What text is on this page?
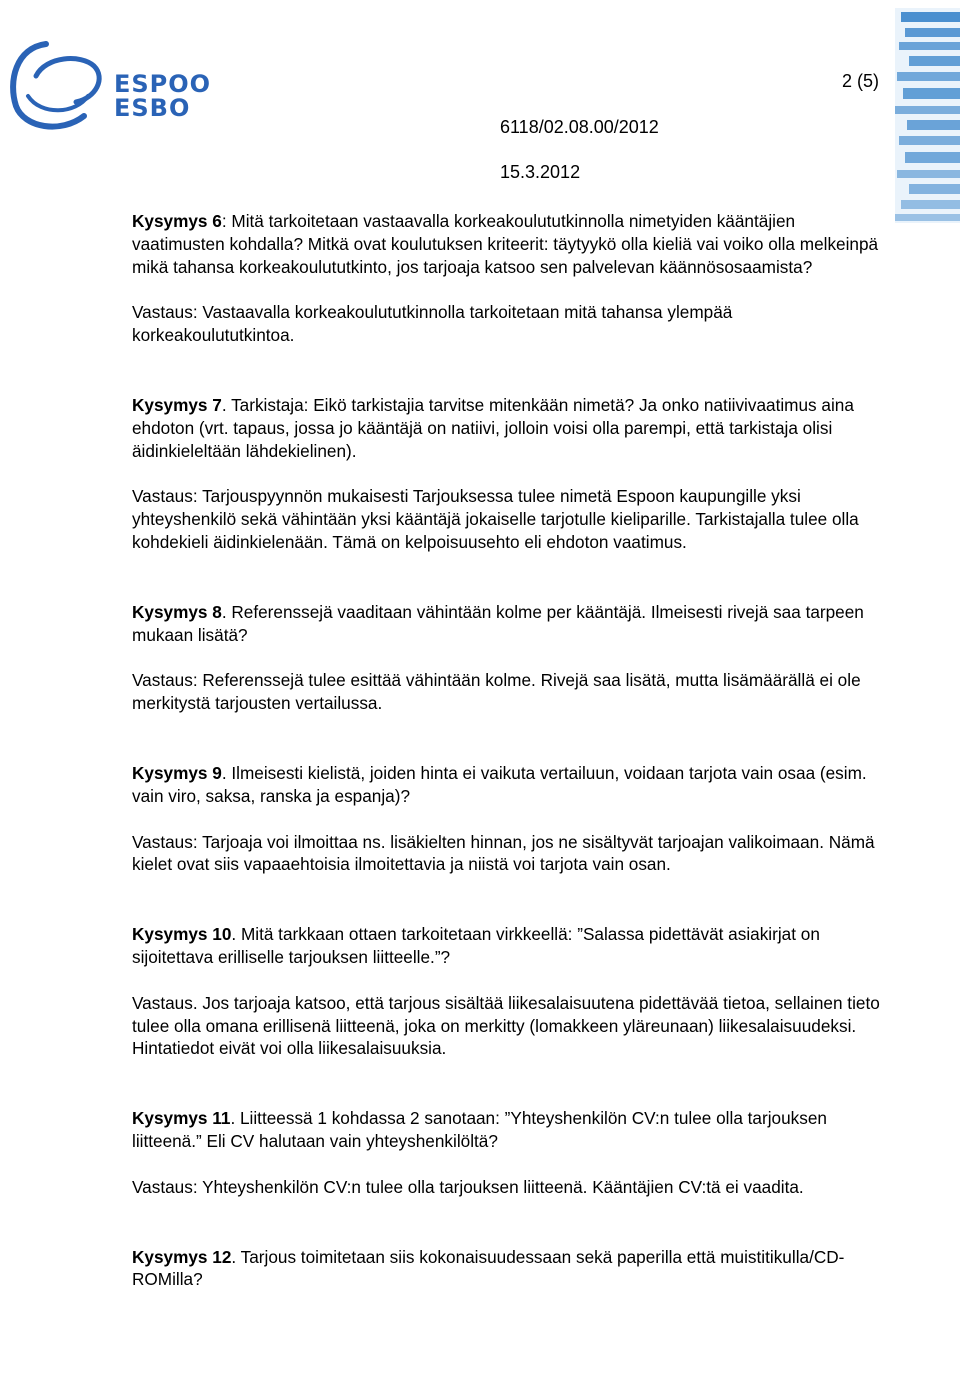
ESPOO
ESBO
2 (5)
6118/02.08.00/2012
15.3.2012

Kysymys 6: Mitä tarkoitetaan vastaavalla korkeakoulututkinnolla nimetyiden kääntäjien vaatimusten kohdalla? Mitkä ovat koulutuksen kriteerit: täytyykö olla kieliä vai voiko olla melkeinpä mikä tahansa korkeakoulututkinto, jos tarjoaja katsoo sen palvelevan käännösosaamista?

Vastaus: Vastaavalla korkeakoulututkinnolla tarkoitetaan mitä tahansa ylempää korkeakoulututkintoa.

Kysymys 7. Tarkistaja: Eikö tarkistajia tarvitse mitenkään nimetä? Ja onko natiivivaatimus aina ehdoton (vrt. tapaus, jossa jo kääntäjä on natiivi, jolloin voisi olla parempi, että tarkistaja olisi äidinkieleltään lähdekielinen).

Vastaus: Tarjouspyynnön mukaisesti Tarjouksessa tulee nimetä Espoon kaupungille yksi yhteyshenkilö sekä vähintään yksi kääntäjä jokaiselle tarjotulle kieliparille. Tarkistajalla tulee olla kohdekieli äidinkielenään. Tämä on kelpoisuusehto eli ehdoton vaatimus.

Kysymys 8. Referenssejä vaaditaan vähintään kolme per kääntäjä. Ilmeisesti rivejä saa tarpeen mukaan lisätä?

Vastaus: Referenssejä tulee esittää vähintään kolme. Rivejä saa lisätä, mutta lisämäärällä ei ole merkitystä tarjousten vertailussa.

Kysymys 9. Ilmeisesti kielistä, joiden hinta ei vaikuta vertailuun, voidaan tarjota vain osaa (esim. vain viro, saksa, ranska ja espanja)?

Vastaus: Tarjoaja voi ilmoittaa ns. lisäkielten hinnan, jos ne sisältyvät tarjoajan valikoimaan. Nämä kielet ovat siis vapaaehtoisia ilmoitettavia ja niistä voi tarjota vain osan.

Kysymys 10. Mitä tarkkaan ottaen tarkoitetaan virkkeellä: ”Salassa pidettävät asiakirjat on sijoitettava erilliselle tarjouksen liitteelle.”?

Vastaus. Jos tarjoaja katsoo, että tarjous sisältää liikesalaisuutena pidettävää tietoa, sellainen tieto tulee olla omana erillisenä liitteenä, joka on merkitty (lomakkeen yläreunaan) liikesalaisuudeksi. Hintatiedot eivät voi olla liikesalaisuuksia.

Kysymys 11. Liitteessä 1 kohdassa 2 sanotaan: ”Yhteyshenkilön CV:n tulee olla tarjouksen liitteenä.” Eli CV halutaan vain yhteyshenkilöltä?

Vastaus: Yhteyshenkilön CV:n tulee olla tarjouksen liitteenä. Kääntäjien CV:tä ei vaadita.

Kysymys 12. Tarjous toimitetaan siis kokonaisuudessaan sekä paperilla että muistitikulla/CD-ROMilla?
